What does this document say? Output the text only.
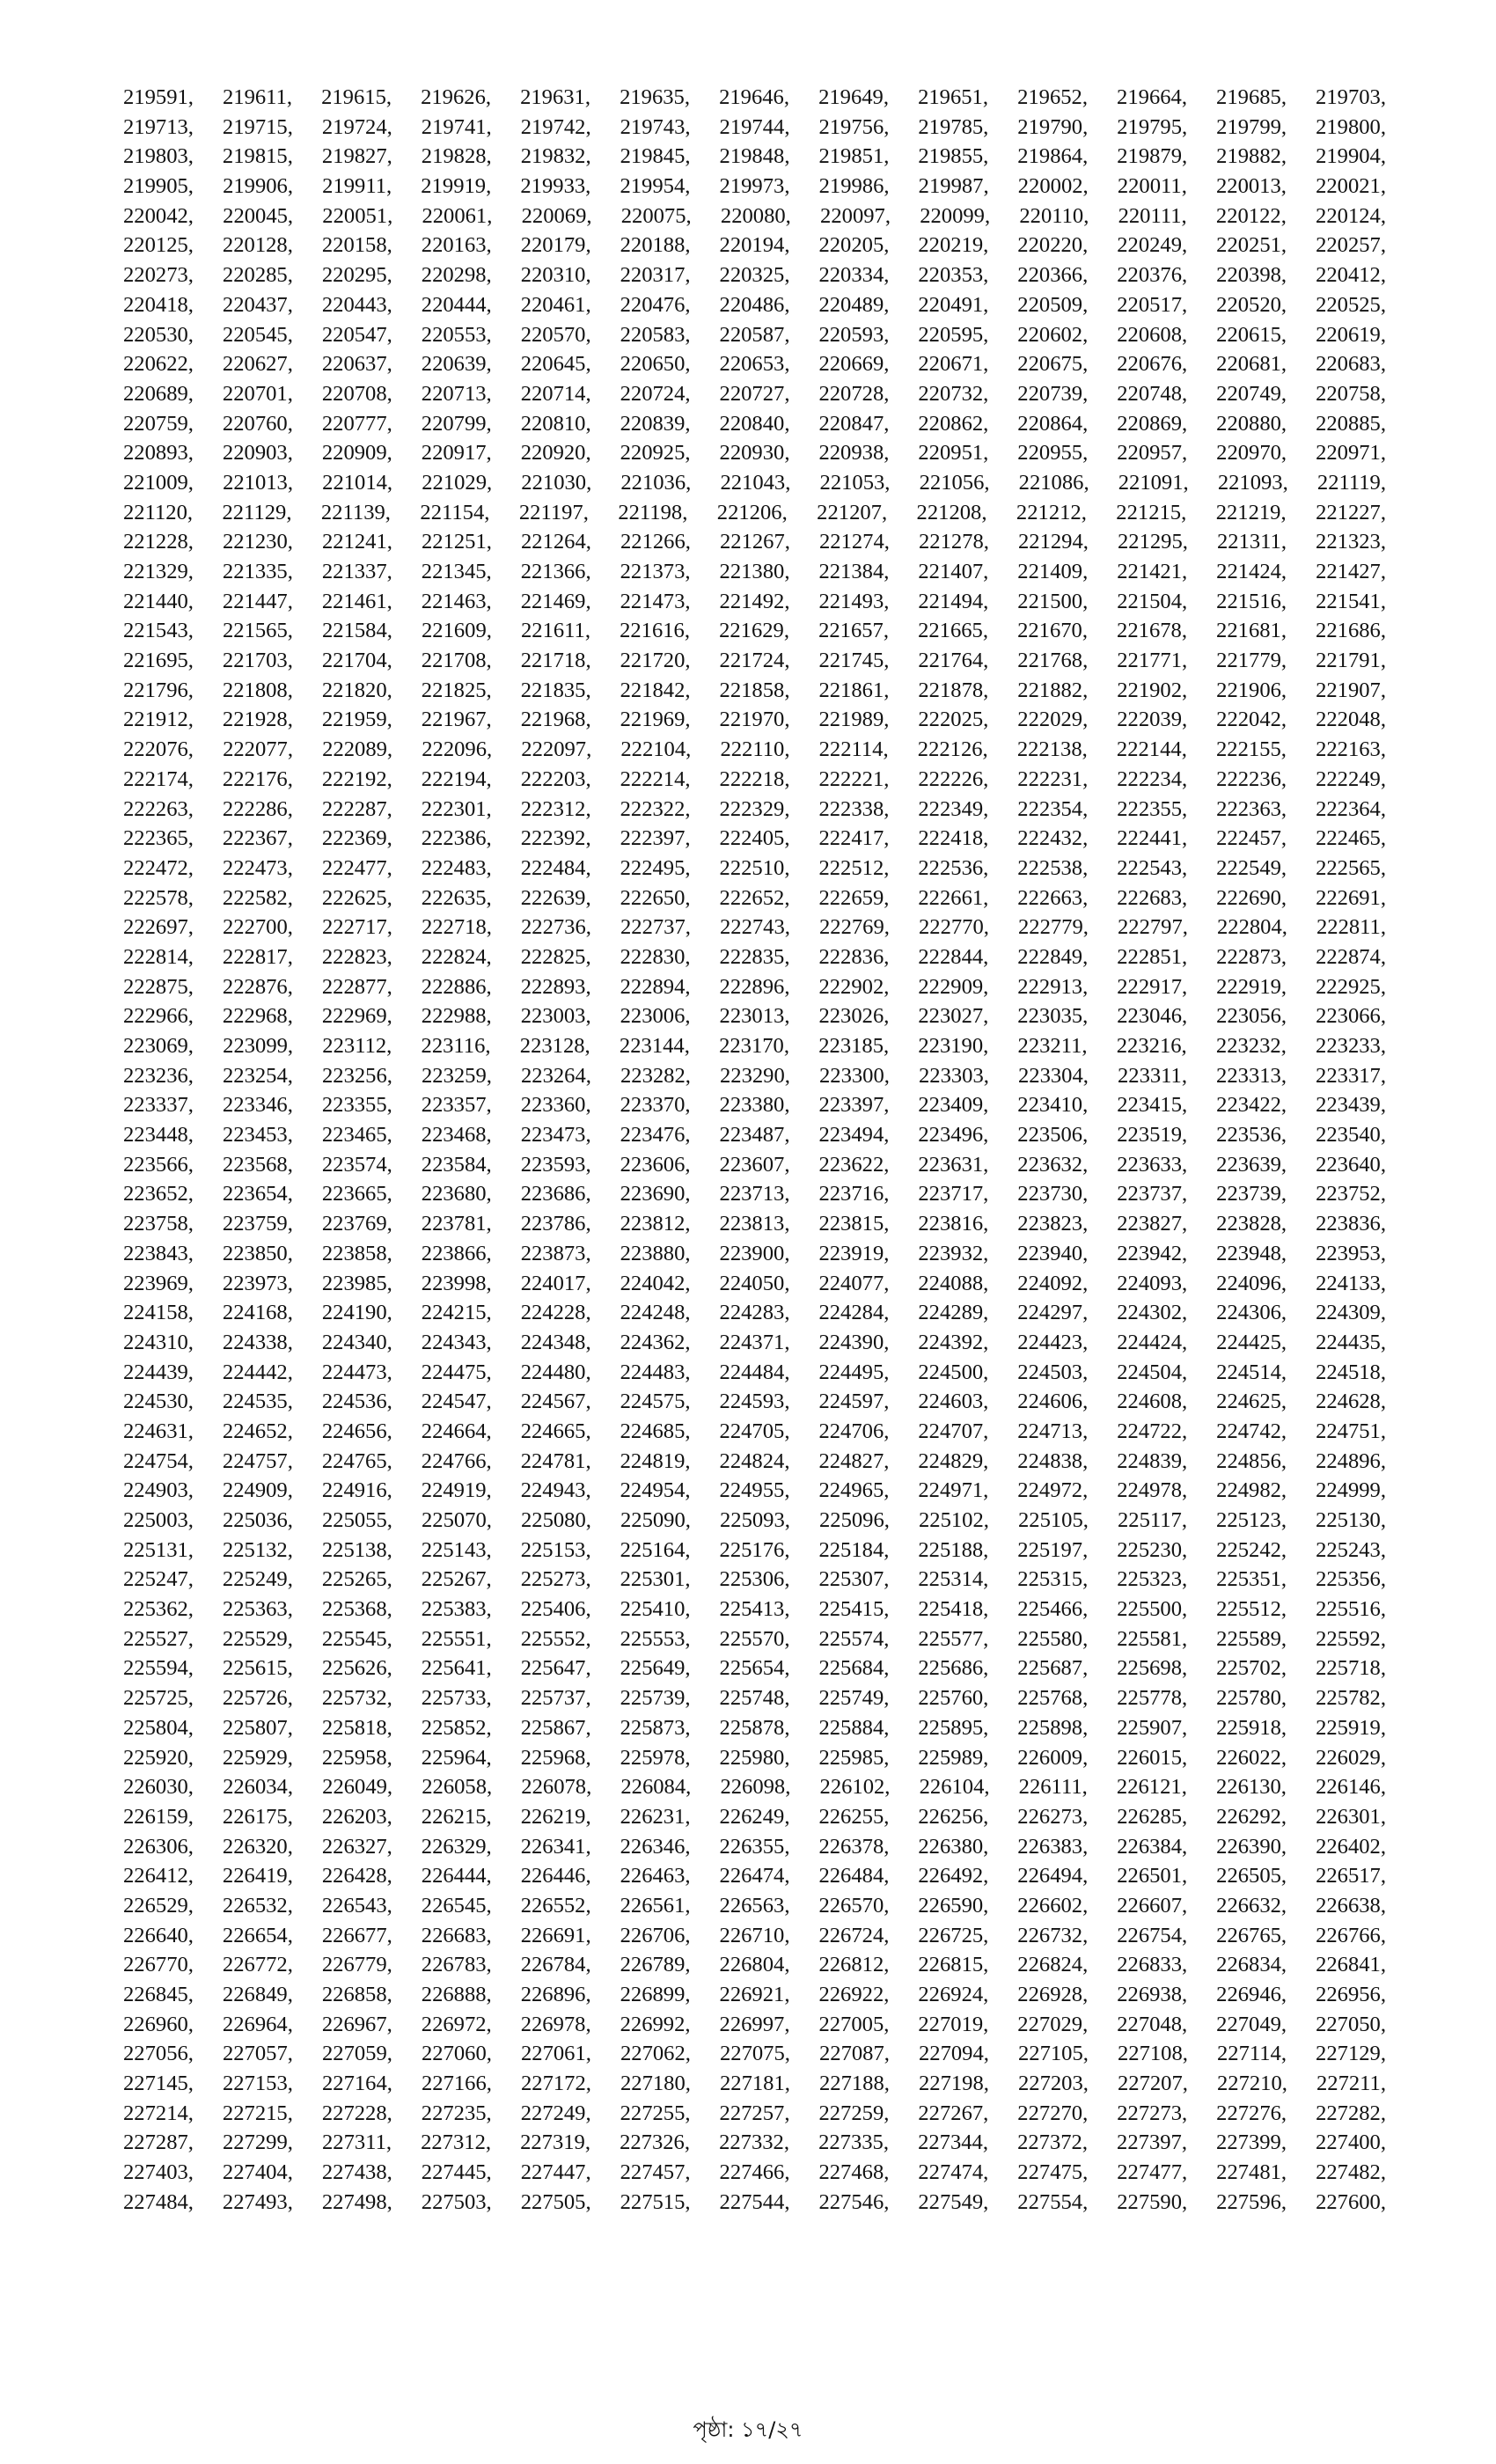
219591, 219611, 219615, 219626, 219631, 219635, 219646, 219649, 219651, 219652, 219664, 219685, 219703,
219713, 219715, 219724, 219741, 219742, 219743, 219744, 219756, 219785, 219790, 219795, 219799, 219800,
219803, 219815, 219827, 219828, 219832, 219845, 219848, 219851, 219855, 219864, 219879, 219882, 219904,
219905, 219906, 219911, 219919, 219933, 219954, 219973, 219986, 219987, 220002, 220011, 220013, 220021,
220042, 220045, 220051, 220061, 220069, 220075, 220080, 220097, 220099, 220110, 220111, 220122, 220124,
220125, 220128, 220158, 220163, 220179, 220188, 220194, 220205, 220219, 220220, 220249, 220251, 220257,
220273, 220285, 220295, 220298, 220310, 220317, 220325, 220334, 220353, 220366, 220376, 220398, 220412,
220418, 220437, 220443, 220444, 220461, 220476, 220486, 220489, 220491, 220509, 220517, 220520, 220525,
220530, 220545, 220547, 220553, 220570, 220583, 220587, 220593, 220595, 220602, 220608, 220615, 220619,
220622, 220627, 220637, 220639, 220645, 220650, 220653, 220669, 220671, 220675, 220676, 220681, 220683,
220689, 220701, 220708, 220713, 220714, 220724, 220727, 220728, 220732, 220739, 220748, 220749, 220758,
220759, 220760, 220777, 220799, 220810, 220839, 220840, 220847, 220862, 220864, 220869, 220880, 220885,
220893, 220903, 220909, 220917, 220920, 220925, 220930, 220938, 220951, 220955, 220957, 220970, 220971,
221009, 221013, 221014, 221029, 221030, 221036, 221043, 221053, 221056, 221086, 221091, 221093, 221119,
221120, 221129, 221139, 221154, 221197, 221198, 221206, 221207, 221208, 221212, 221215, 221219, 221227,
221228, 221230, 221241, 221251, 221264, 221266, 221267, 221274, 221278, 221294, 221295, 221311, 221323,
221329, 221335, 221337, 221345, 221366, 221373, 221380, 221384, 221407, 221409, 221421, 221424, 221427,
221440, 221447, 221461, 221463, 221469, 221473, 221492, 221493, 221494, 221500, 221504, 221516, 221541,
221543, 221565, 221584, 221609, 221611, 221616, 221629, 221657, 221665, 221670, 221678, 221681, 221686,
221695, 221703, 221704, 221708, 221718, 221720, 221724, 221745, 221764, 221768, 221771, 221779, 221791,
221796, 221808, 221820, 221825, 221835, 221842, 221858, 221861, 221878, 221882, 221902, 221906, 221907,
221912, 221928, 221959, 221967, 221968, 221969, 221970, 221989, 222025, 222029, 222039, 222042, 222048,
222076, 222077, 222089, 222096, 222097, 222104, 222110, 222114, 222126, 222138, 222144, 222155, 222163,
222174, 222176, 222192, 222194, 222203, 222214, 222218, 222221, 222226, 222231, 222234, 222236, 222249,
222263, 222286, 222287, 222301, 222312, 222322, 222329, 222338, 222349, 222354, 222355, 222363, 222364,
222365, 222367, 222369, 222386, 222392, 222397, 222405, 222417, 222418, 222432, 222441, 222457, 222465,
222472, 222473, 222477, 222483, 222484, 222495, 222510, 222512, 222536, 222538, 222543, 222549, 222565,
222578, 222582, 222625, 222635, 222639, 222650, 222652, 222659, 222661, 222663, 222683, 222690, 222691,
222697, 222700, 222717, 222718, 222736, 222737, 222743, 222769, 222770, 222779, 222797, 222804, 222811,
222814, 222817, 222823, 222824, 222825, 222830, 222835, 222836, 222844, 222849, 222851, 222873, 222874,
222875, 222876, 222877, 222886, 222893, 222894, 222896, 222902, 222909, 222913, 222917, 222919, 222925,
222966, 222968, 222969, 222988, 223003, 223006, 223013, 223026, 223027, 223035, 223046, 223056, 223066,
223069, 223099, 223112, 223116, 223128, 223144, 223170, 223185, 223190, 223211, 223216, 223232, 223233,
223236, 223254, 223256, 223259, 223264, 223282, 223290, 223300, 223303, 223304, 223311, 223313, 223317,
223337, 223346, 223355, 223357, 223360, 223370, 223380, 223397, 223409, 223410, 223415, 223422, 223439,
223448, 223453, 223465, 223468, 223473, 223476, 223487, 223494, 223496, 223506, 223519, 223536, 223540,
223566, 223568, 223574, 223584, 223593, 223606, 223607, 223622, 223631, 223632, 223633, 223639, 223640,
223652, 223654, 223665, 223680, 223686, 223690, 223713, 223716, 223717, 223730, 223737, 223739, 223752,
223758, 223759, 223769, 223781, 223786, 223812, 223813, 223815, 223816, 223823, 223827, 223828, 223836,
223843, 223850, 223858, 223866, 223873, 223880, 223900, 223919, 223932, 223940, 223942, 223948, 223953,
223969, 223973, 223985, 223998, 224017, 224042, 224050, 224077, 224088, 224092, 224093, 224096, 224133,
224158, 224168, 224190, 224215, 224228, 224248, 224283, 224284, 224289, 224297, 224302, 224306, 224309,
224310, 224338, 224340, 224343, 224348, 224362, 224371, 224390, 224392, 224423, 224424, 224425, 224435,
224439, 224442, 224473, 224475, 224480, 224483, 224484, 224495, 224500, 224503, 224504, 224514, 224518,
224530, 224535, 224536, 224547, 224567, 224575, 224593, 224597, 224603, 224606, 224608, 224625, 224628,
224631, 224652, 224656, 224664, 224665, 224685, 224705, 224706, 224707, 224713, 224722, 224742, 224751,
224754, 224757, 224765, 224766, 224781, 224819, 224824, 224827, 224829, 224838, 224839, 224856, 224896,
224903, 224909, 224916, 224919, 224943, 224954, 224955, 224965, 224971, 224972, 224978, 224982, 224999,
225003, 225036, 225055, 225070, 225080, 225090, 225093, 225096, 225102, 225105, 225117, 225123, 225130,
225131, 225132, 225138, 225143, 225153, 225164, 225176, 225184, 225188, 225197, 225230, 225242, 225243,
225247, 225249, 225265, 225267, 225273, 225301, 225306, 225307, 225314, 225315, 225323, 225351, 225356,
225362, 225363, 225368, 225383, 225406, 225410, 225413, 225415, 225418, 225466, 225500, 225512, 225516,
225527, 225529, 225545, 225551, 225552, 225553, 225570, 225574, 225577, 225580, 225581, 225589, 225592,
225594, 225615, 225626, 225641, 225647, 225649, 225654, 225684, 225686, 225687, 225698, 225702, 225718,
225725, 225726, 225732, 225733, 225737, 225739, 225748, 225749, 225760, 225768, 225778, 225780, 225782,
225804, 225807, 225818, 225852, 225867, 225873, 225878, 225884, 225895, 225898, 225907, 225918, 225919,
225920, 225929, 225958, 225964, 225968, 225978, 225980, 225985, 225989, 226009, 226015, 226022, 226029,
226030, 226034, 226049, 226058, 226078, 226084, 226098, 226102, 226104, 226111, 226121, 226130, 226146,
226159, 226175, 226203, 226215, 226219, 226231, 226249, 226255, 226256, 226273, 226285, 226292, 226301,
226306, 226320, 226327, 226329, 226341, 226346, 226355, 226378, 226380, 226383, 226384, 226390, 226402,
226412, 226419, 226428, 226444, 226446, 226463, 226474, 226484, 226492, 226494, 226501, 226505, 226517,
226529, 226532, 226543, 226545, 226552, 226561, 226563, 226570, 226590, 226602, 226607, 226632, 226638,
226640, 226654, 226677, 226683, 226691, 226706, 226710, 226724, 226725, 226732, 226754, 226765, 226766,
226770, 226772, 226779, 226783, 226784, 226789, 226804, 226812, 226815, 226824, 226833, 226834, 226841,
226845, 226849, 226858, 226888, 226896, 226899, 226921, 226922, 226924, 226928, 226938, 226946, 226956,
226960, 226964, 226967, 226972, 226978, 226992, 226997, 227005, 227019, 227029, 227048, 227049, 227050,
227056, 227057, 227059, 227060, 227061, 227062, 227075, 227087, 227094, 227105, 227108, 227114, 227129,
227145, 227153, 227164, 227166, 227172, 227180, 227181, 227188, 227198, 227203, 227207, 227210, 227211,
227214, 227215, 227228, 227235, 227249, 227255, 227257, 227259, 227267, 227270, 227273, 227276, 227282,
227287, 227299, 227311, 227312, 227319, 227326, 227332, 227335, 227344, 227372, 227397, 227399, 227400,
227403, 227404, 227438, 227445, 227447, 227457, 227466, 227468, 227474, 227475, 227477, 227481, 227482,
227484, 227493, 227498, 227503, 227505, 227515, 227544, 227546, 227549, 227554, 227590, 227596, 227600,
পৃষ্ঠা: ১৭/২৭
